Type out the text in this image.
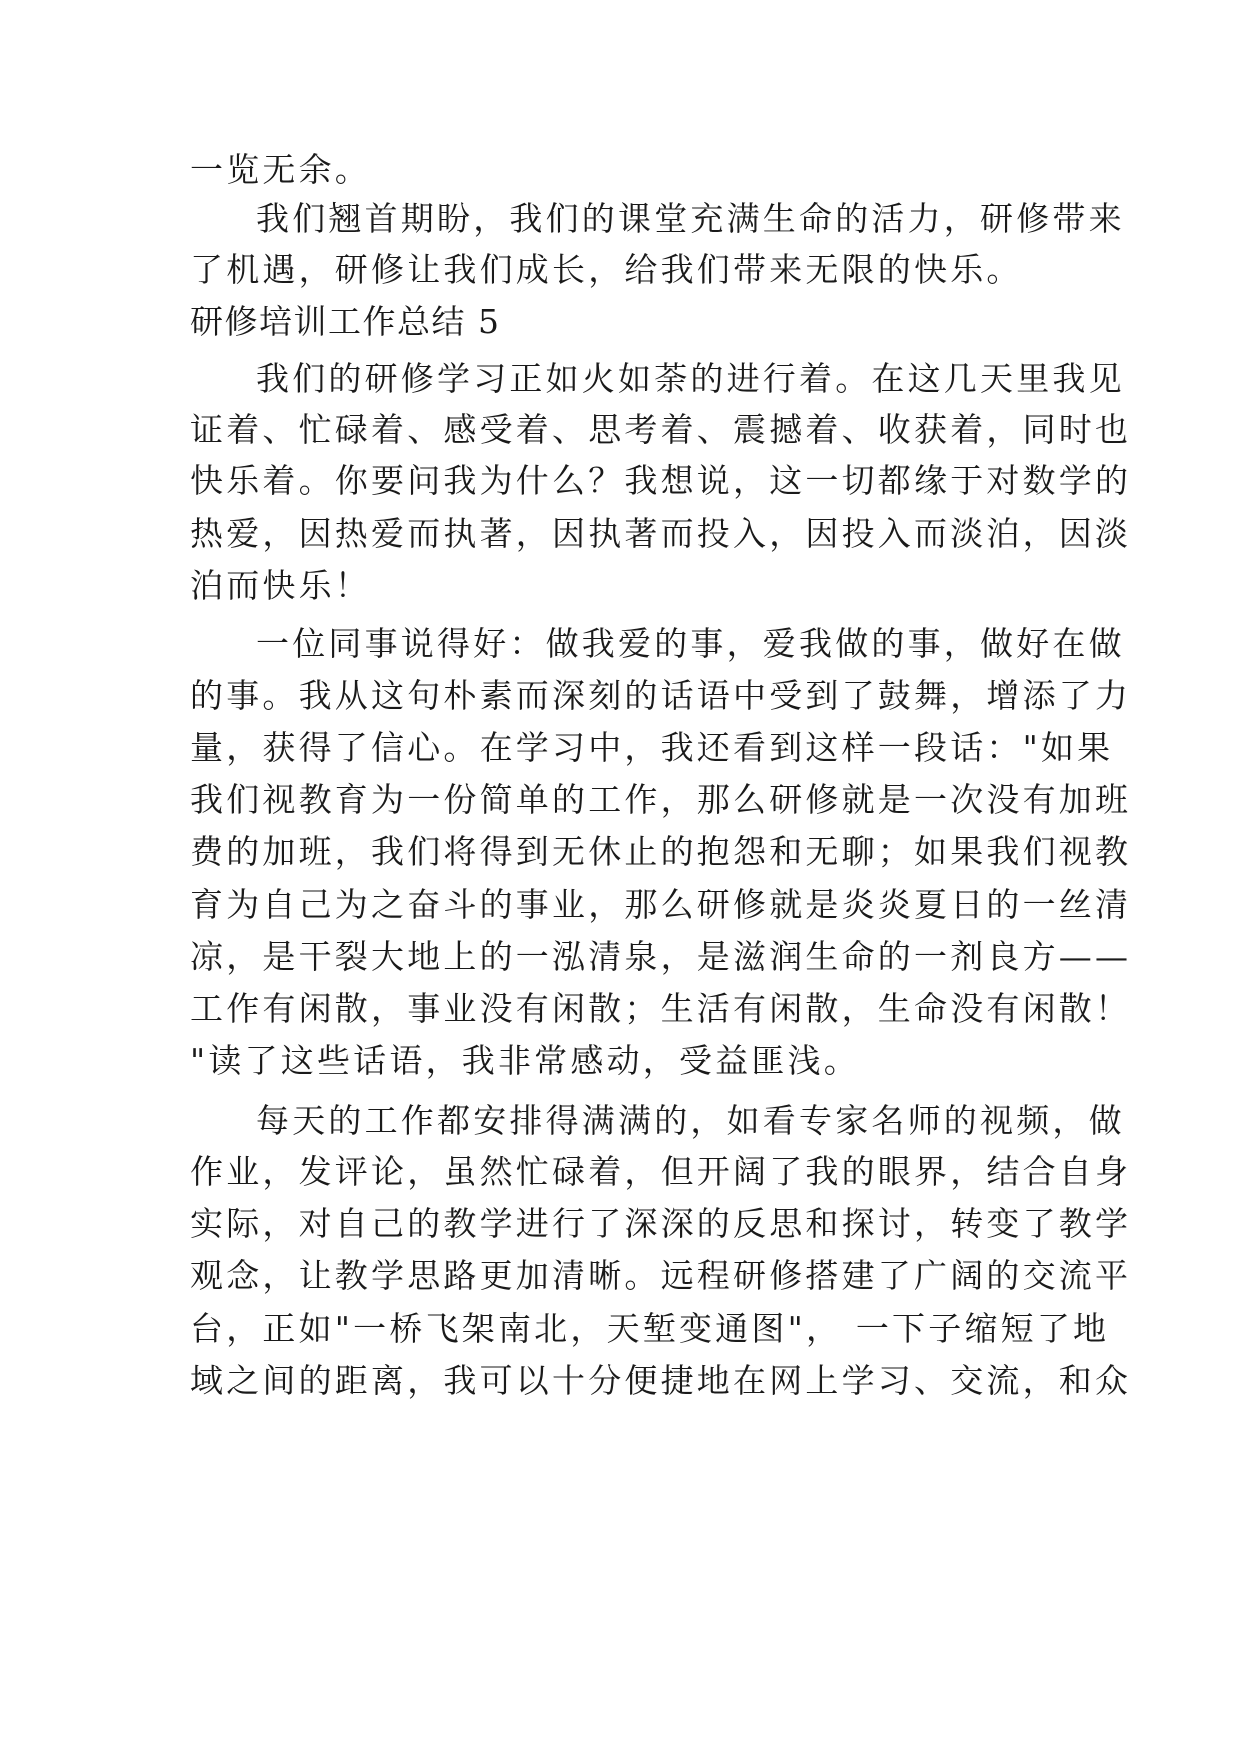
一览无余。

我们翘首期盼，我们的课堂充满生命的活力，研修带来

了机遇，研修让我们成长，给我们带来无限的快乐。

研修培训工作总结 5

我们的研修学习正如火如荼的进行着。在这几天里我见

证着、忙碌着、感受着、思考着、震撼着、收获着，同时也

快乐着。你要问我为什么？我想说，这一切都缘于对数学的

热爱，因热爱而执著，因执著而投入，因投入而淡泊，因淡

泊而快乐！

一位同事说得好：做我爱的事，爱我做的事，做好在做

的事。我从这句朴素而深刻的话语中受到了鼓舞，增添了力

量，获得了信心。在学习中，我还看到这样一段话："如果

我们视教育为一份简单的工作，那么研修就是一次没有加班

费的加班，我们将得到无休止的抱怨和无聊；如果我们视教

育为自己为之奋斗的事业，那么研修就是炎炎夏日的一丝清

凉，是干裂大地上的一泓清泉，是滋润生命的一剂良方——

工作有闲散，事业没有闲散；生活有闲散，生命没有闲散！

"读了这些话语，我非常感动，受益匪浅。

每天的工作都安排得满满的，如看专家名师的视频，做

作业，发评论，虽然忙碌着，但开阔了我的眼界，结合自身

实际，对自己的教学进行了深深的反思和探讨，转变了教学

观念，让教学思路更加清晰。远程研修搭建了广阔的交流平

台，正如"一桥飞架南北，天堑变通图"， 一下子缩短了地

域之间的距离，我可以十分便捷地在网上学习、交流，和众
